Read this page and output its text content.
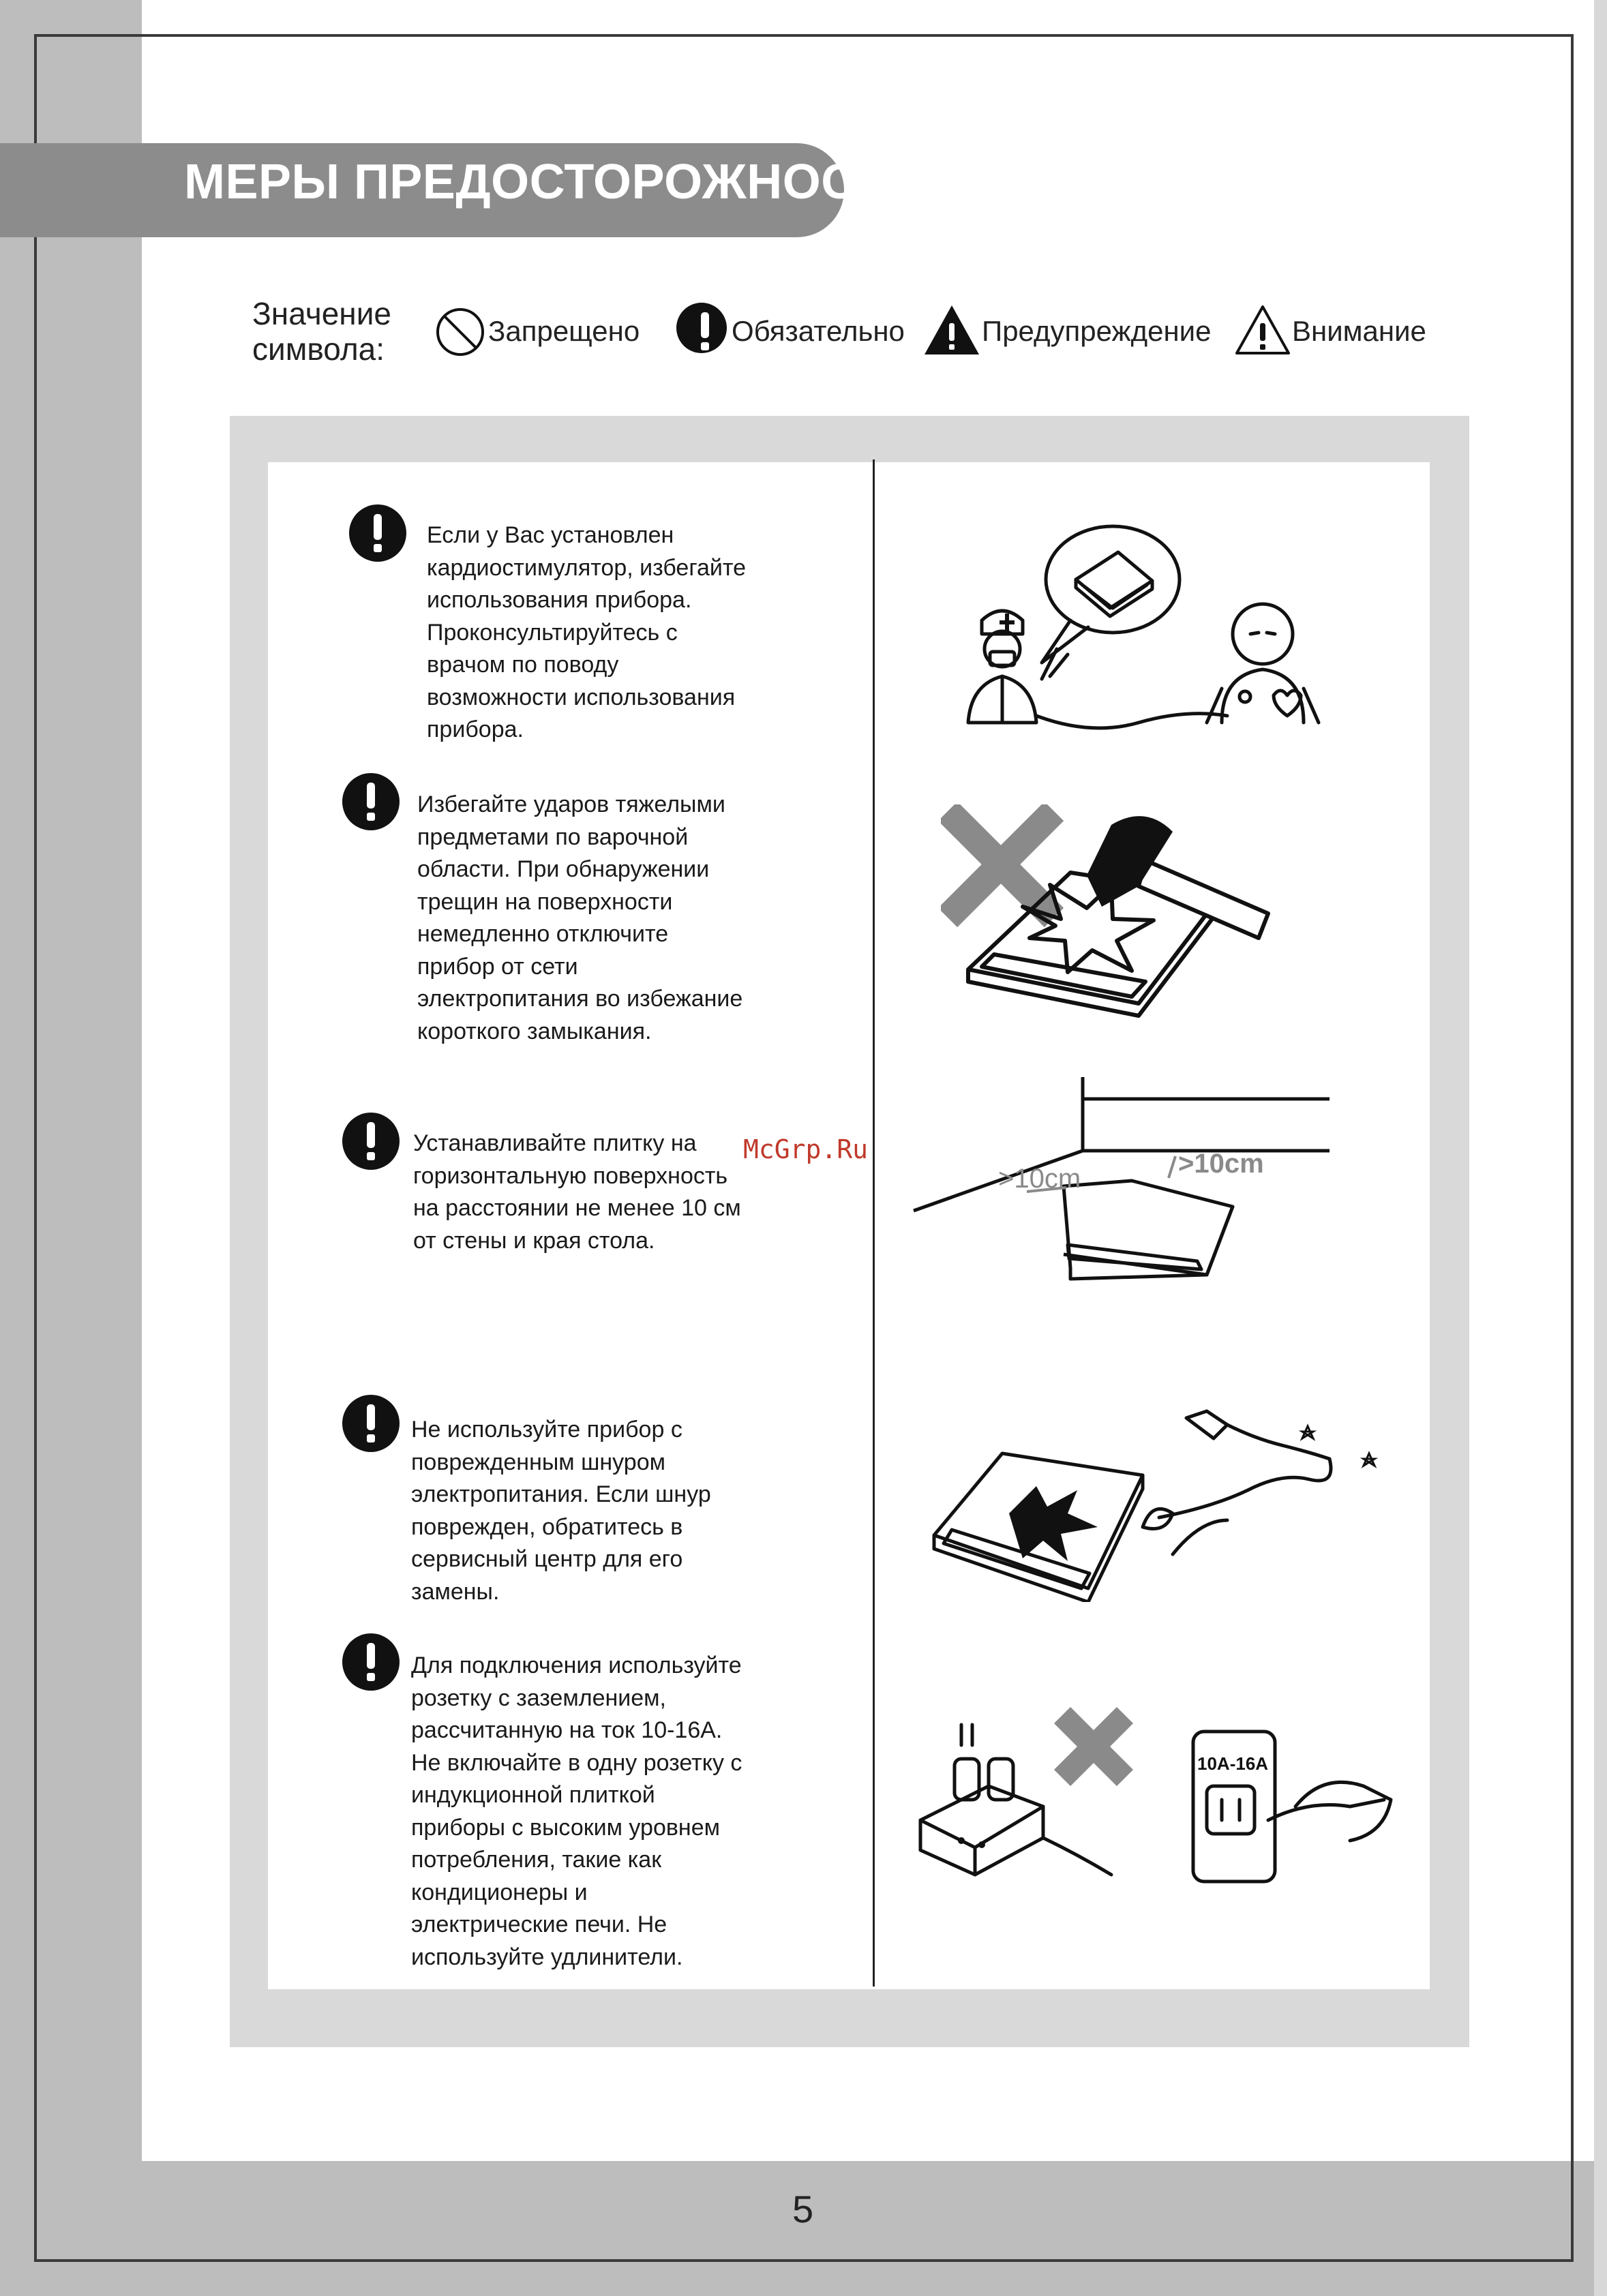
МЕРЫ ПРЕДОСТОРОЖНОСТИ
Значение
символа:
Запрещено	Обязательно	Предупреждение	Внимание
Если у Вас установлен
кардиостимулятор, избегайте
использования прибора.
Проконсультируйтесь с
врачом по поводу
возможности использования
прибора.
Избегайте ударов тяжелыми
предметами по варочной
области. При обнаружении
трещин на поверхности
немедленно отключите
прибор от сети
электропитания во избежание
короткого замыкания.
Устанавливайте плитку на
горизонтальную поверхность
на расстоянии не менее 10 см
от стены и края стола.
Не используйте прибор с
поврежденным шнуром
электропитания. Если шнур
поврежден, обратитесь в
сервисный центр для его
замены.
Для подключения используйте
розетку с заземлением,
рассчитанную на ток 10-16А.
Не включайте в одну розетку с
индукционной плиткой
приборы с высоким уровнем
потребления, такие как
кондиционеры и
электрические печи. Не
используйте удлинители.
>10cm	>10cm
10A-16A
McGrp.Ru
5
